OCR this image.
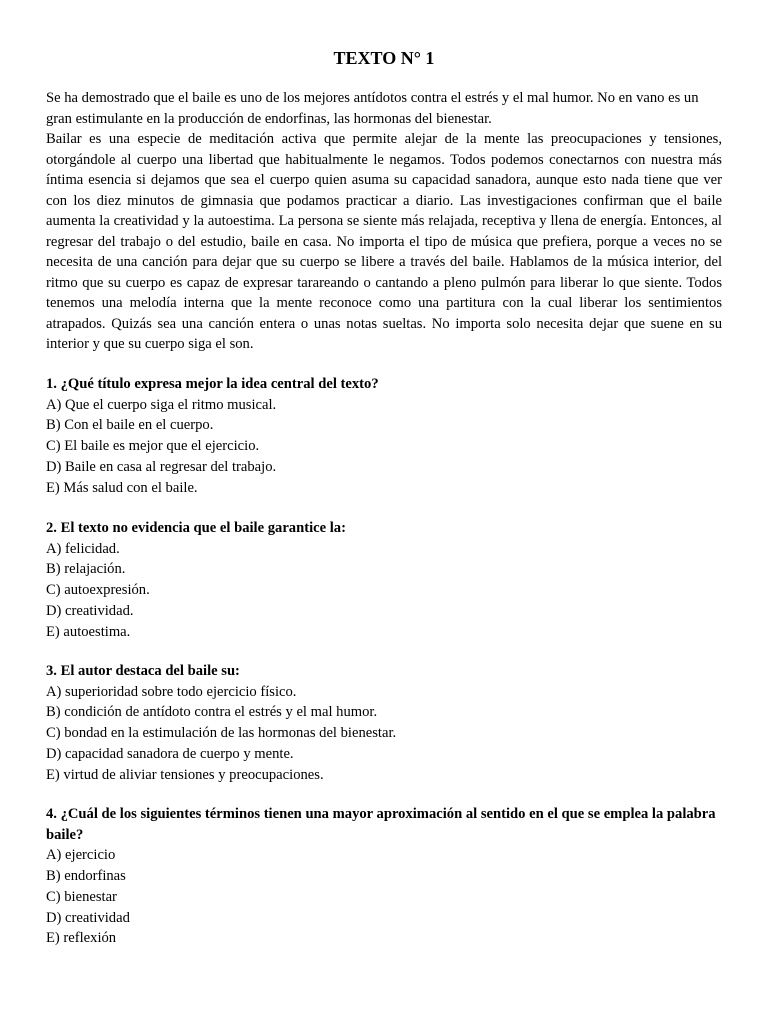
TEXTO N° 1

Se ha demostrado que el baile es uno de los mejores antídotos contra el estrés y el mal humor. No en vano es un gran estimulante en la producción de endorfinas, las hormonas del bienestar.

Bailar es una especie de meditación activa que permite alejar de la mente las preocupaciones y tensiones, otorgándole al cuerpo una libertad que habitualmente le negamos. Todos podemos conectarnos con nuestra más íntima esencia si dejamos que sea el cuerpo quien asuma su capacidad sanadora, aunque esto nada tiene que ver con los diez minutos de gimnasia que podamos practicar a diario. Las investigaciones confirman que el baile aumenta la creatividad y la autoestima. La persona se siente más relajada, receptiva y llena de energía. Entonces, al regresar del trabajo o del estudio, baile en casa. No importa el tipo de música que prefiera, porque a veces no se necesita de una canción para dejar que su cuerpo se libere a través del baile. Hablamos de la música interior, del ritmo que su cuerpo es capaz de expresar tarareando o cantando a pleno pulmón para liberar lo que siente. Todos tenemos una melodía interna que la mente reconoce como una partitura con la cual liberar los sentimientos atrapados. Quizás sea una canción entera o unas notas sueltas. No importa solo necesita dejar que suene en su interior y que su cuerpo siga el son.

1. ¿Qué título expresa mejor la idea central del texto?

A) Que el cuerpo siga el ritmo musical.
B) Con el baile en el cuerpo.
C) El baile es mejor que el ejercicio.
D) Baile en casa al regresar del trabajo.
E) Más salud con el baile.

2. El texto no evidencia que el baile garantice la:

A) felicidad.
B) relajación.
C) autoexpresión.
D) creatividad.
E) autoestima.

3. El autor destaca del baile su:

A) superioridad sobre todo ejercicio físico.
B) condición de antídoto contra el estrés y el mal humor.
C) bondad en la estimulación de las hormonas del bienestar.
D) capacidad sanadora de cuerpo y mente.
E) virtud de aliviar tensiones y preocupaciones.

4. ¿Cuál de los siguientes términos tienen una mayor aproximación al sentido en el que se emplea la palabra baile?

A) ejercicio
B) endorfinas
C) bienestar
D) creatividad
E) reflexión
